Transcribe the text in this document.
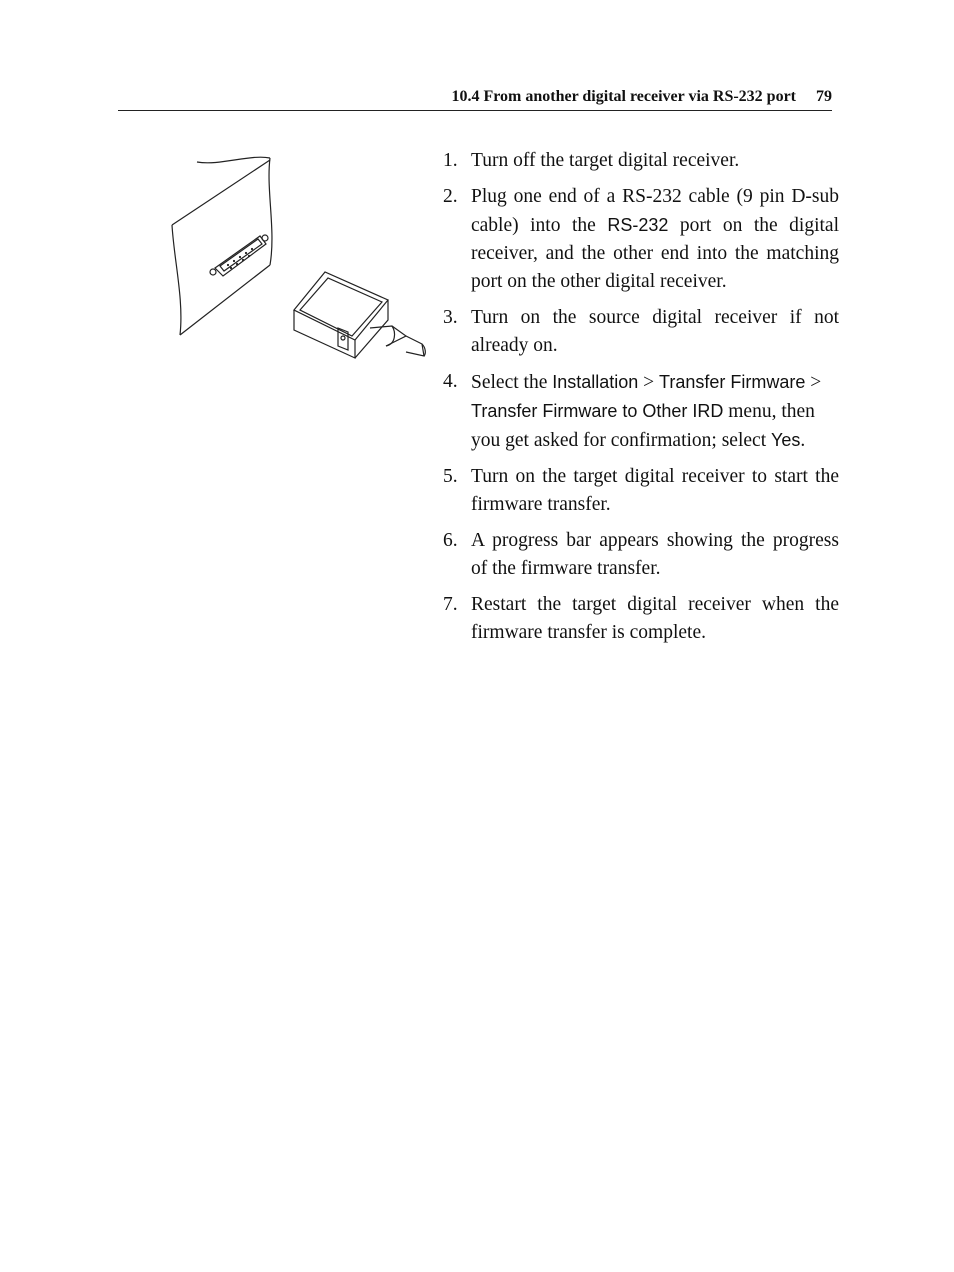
10.4 From another digital receiver via RS-232 port 79
1. Turn off the target digital receiver.
2. Plug one end of a RS-232 cable (9 pin D-sub cable) into the RS-232 port on the digital receiver, and the other end into the matching port on the other digital receiver.
3. Turn on the source digital receiver if not already on.
4. Select the Installation > Transfer Firmware > Transfer Firmware to Other IRD menu, then you get asked for confirmation; select Yes.
5. Turn on the target digital receiver to start the firmware transfer.
6. A progress bar appears showing the progress of the firmware transfer.
7. Restart the target digital receiver when the firmware transfer is complete.
